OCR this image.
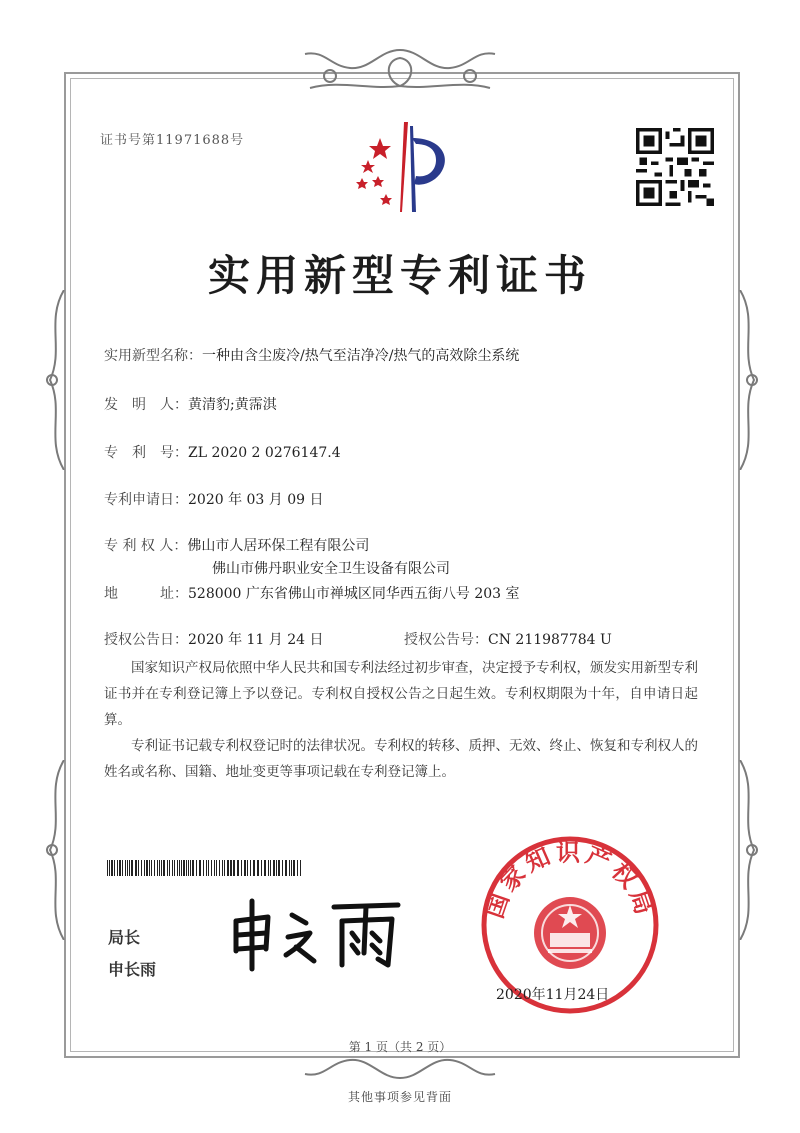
证书号第11971688号
实用新型专利证书
实用新型名称：一种由含尘废冷/热气至洁净冷/热气的高效除尘系统
发　明　人：黄清豹;黄霈淇
专　利　号：ZL 2020 2 0276147.4
专利申请日：2020 年 03 月 09 日
专 利 权 人：佛山市人居环保工程有限公司
佛山市佛丹职业安全卫生设备有限公司
地　　　址：528000 广东省佛山市禅城区同华西五街八号 203 室
授权公告日：2020 年 11 月 24 日	授权公告号：CN 211987784 U
国家知识产权局依照中华人民共和国专利法经过初步审查，决定授予专利权，颁发实用新型专利证书并在专利登记簿上予以登记。专利权自授权公告之日起生效。专利权期限为十年，自申请日起算。
专利证书记载专利权登记时的法律状况。专利权的转移、质押、无效、终止、恢复和专利权人的姓名或名称、国籍、地址变更等事项记载在专利登记簿上。
局长
申长雨
国家知识产权局
2020年11月24日
第 1 页（共 2 页）
其他事项参见背面
